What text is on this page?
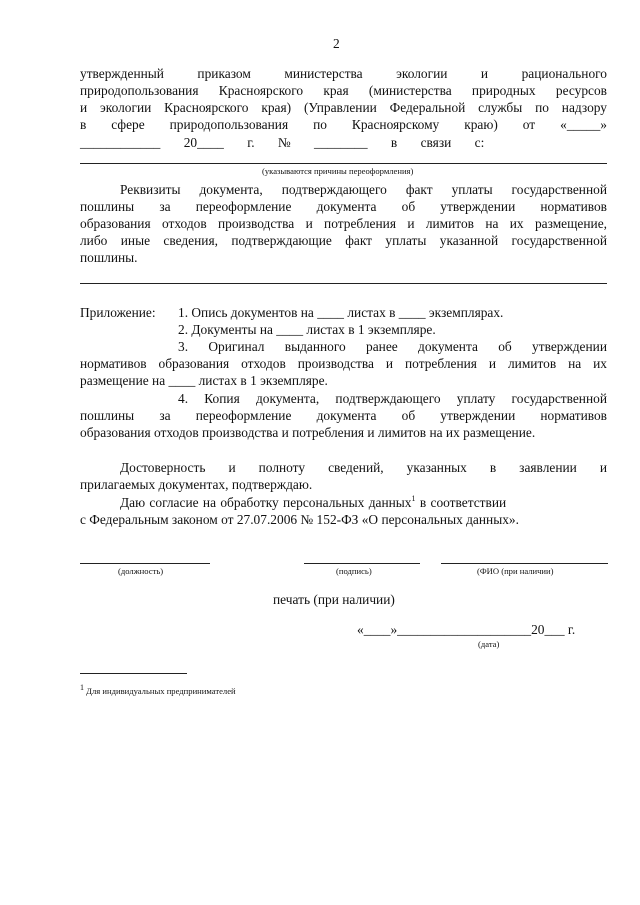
2
утвержденный приказом министерства экологии и рационального
природопользования Красноярского края (министерства природных ресурсов
и экологии Красноярского края) (Управлении Федеральной службы по надзору
в сфере природопользования по Красноярскому краю) от «_____»
____________ 20____ г. № ________ в связи с:
(указываются причины переоформления)
Реквизиты документа, подтверждающего факт уплаты государственной
пошлины за переоформление документа об утверждении нормативов
образования отходов производства и потребления и лимитов на их размещение,
либо иные сведения, подтверждающие факт уплаты указанной государственной
пошлины.
Приложение: 1. Опись документов на ____ листах в ____ экземплярах.
2. Документы на ____ листах в 1 экземпляре.
3. Оригинал выданного ранее документа об утверждении
нормативов образования отходов производства и потребления и лимитов на их
размещение на ____ листах в 1 экземпляре.
4. Копия документа, подтверждающего уплату государственной
пошлины за переоформление документа об утверждении нормативов
образования отходов производства и потребления и лимитов на их размещение.
Достоверность и полноту сведений, указанных в заявлении и
прилагаемых документах, подтверждаю.
Даю согласие на обработку персональных данных$^1$ в соответствии
с Федеральным законом от 27.07.2006 № 152-ФЗ «О персональных данных».
(должность)	(подпись)	(ФИО (при наличии)
печать (при наличии)
«____»____________________20___ г.
(дата)
1 Для индивидуальных предпринимателей
